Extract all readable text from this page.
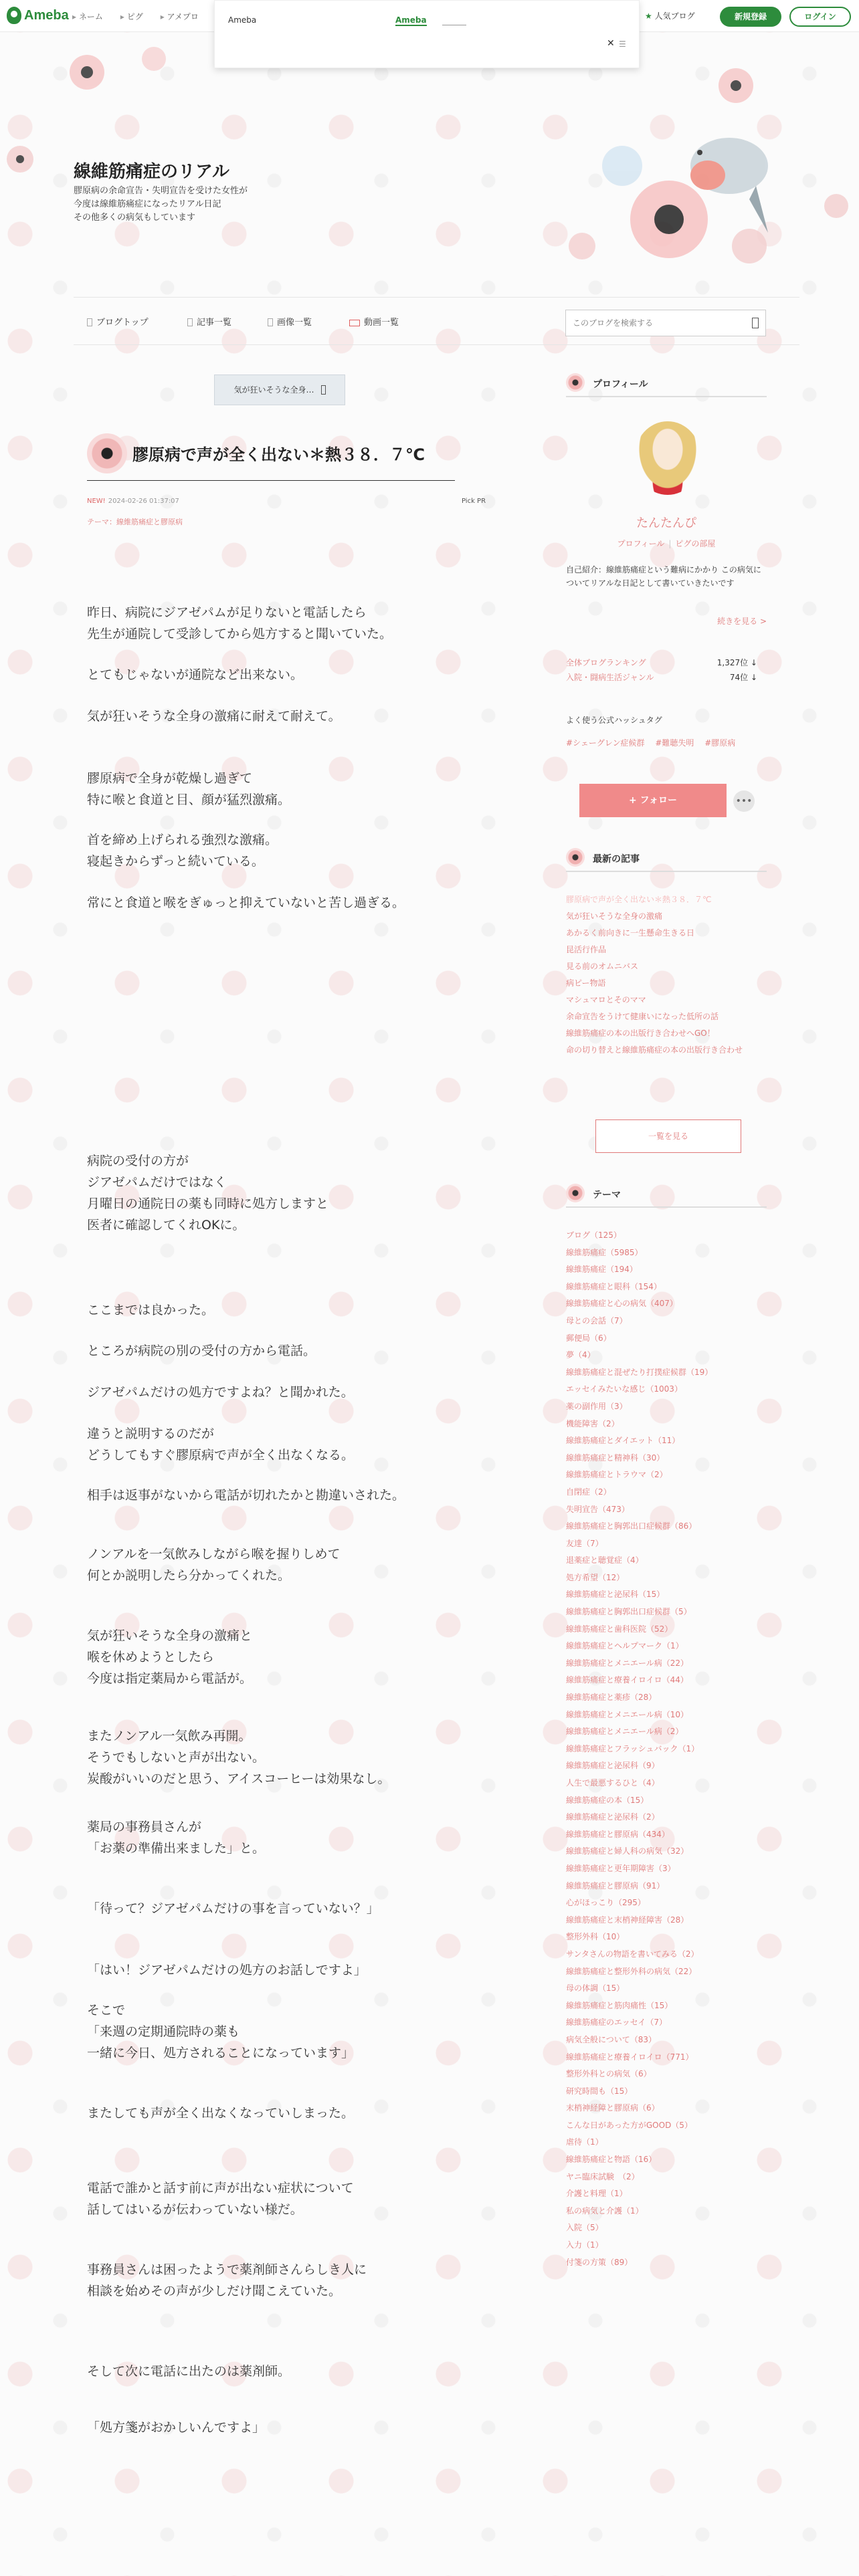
Ameba	▸ ネーム	▸ ピグ	▸ アメプロ	★ 人気ブログ	新規登録	ログイン
Ameba	Ameba
✕ ☰
線維筋痛症のリアル
膠原病の余命宣告・失明宣告を受けた女性が
今度は線維筋痛症になったリアル日記
その他多くの病気もしています
ブログトップ	記事一覧	画像一覧	動画一覧
このブログを検索する
気が狂いそうな全身…
膠原病で声が全く出ない＊熱３８．７℃
NEW! 2024-02-26 01:37:07	Pick PR
テーマ：線維筋痛症と膠原病
昨日、病院にジアゼパムが足りないと電話したら
先生が通院して受診してから処方すると聞いていた。
とてもじゃないが通院など出来ない。
気が狂いそうな全身の激痛に耐えて耐えて。
膠原病で全身が乾燥し過ぎて
特に喉と食道と目、顔が猛烈激痛。
首を締め上げられる強烈な激痛。
寝起きからずっと続いている。
常にと食道と喉をぎゅっと抑えていないと苦し過ぎる。
病院の受付の方が
ジアゼパムだけではなく
月曜日の通院日の薬も同時に処方しますと
医者に確認してくれOKに。
ここまでは良かった。
ところが病院の別の受付の方から電話。
ジアゼパムだけの処方ですよね？と聞かれた。
違うと説明するのだが
どうしてもすぐ膠原病で声が全く出なくなる。
相手は返事がないから電話が切れたかと勘違いされた。
ノンアルを一気飲みしながら喉を握りしめて
何とか説明したら分かってくれた。
気が狂いそうな全身の激痛と
喉を休めようとしたら
今度は指定薬局から電話が。
またノンアル一気飲み再開。
そうでもしないと声が出ない。
炭酸がいいのだと思う、アイスコーヒーは効果なし。
薬局の事務員さんが
「お薬の準備出来ました」と。
「待って？ジアゼパムだけの事を言っていない？」
「はい！ジアゼパムだけの処方のお話しですよ」
そこで
「来週の定期通院時の薬も
一緒に今日、処方されることになっています」
またしても声が全く出なくなっていしまった。
電話で誰かと話す前に声が出ない症状について
話してはいるが伝わっていない様だ。
事務員さんは困ったようで薬剤師さんらしき人に
相談を始めその声が少しだけ聞こえていた。
そして次に電話に出たのは薬剤師。
「処方箋がおかしいんですよ」
プロフィール
たんたんぴ
プロフィール | ピグの部屋
自己紹介：線維筋痛症という難病にかかり この病気についてリアルな日記として書いていきたいです
続きを見る >
全体ブログランキング	1,327位 ↓
入院・闘病生活ジャンル	74位 ↓
よく使う公式ハッシュタグ
#シェーグレン症候群 #難聴失明 #膠原病
+ フォロー	•••
最新の記事
膠原病で声が全く出ない＊熱３８．７℃
気が狂いそうな全身の激痛
あかるく前向きに一生懸命生きる日
昆活行作品
見る前のオムニバス
病ピー物語
マシュマロとそのママ
余命宣告をうけて健康いになった低所の話
線維筋痛症の本の出版行き合わせへGO！
命の切り替えと線維筋痛症の本の出版行き合わせ
一覧を見る
テーマ
ブログ（125）
線維筋痛症（5985）
線維筋痛症（194）
線維筋痛症と眼科（154）
線維筋痛症と心の病気（407）
母との会話（7）
郵便局（6）
夢（4）
線維筋痛症と混ぜたり打撲症候群（19）
エッセイみたいな感じ（1003）
薬の副作用（3）
機能障害（2）
線維筋痛症とダイエット（11）
線維筋痛症と精神科（30）
線維筋痛症とトラウマ（2）
自閉症（2）
失明宣告（473）
線維筋痛症と胸郭出口症候群（86）
友達（7）
退薬症と聴覚症（4）
処方希望（12）
線維筋痛症と泌尿科（15）
線維筋痛症と胸郭出口症候群（5）
線維筋痛症と歯科医院（52）
線維筋痛症とヘルプマーク（1）
線維筋痛症とメニエール病（22）
線維筋痛症と療養イロイロ（44）
線維筋痛症と薬疹（28）
線維筋痛症とメニエール病（10）
線維筋痛症とメニエール病（2）
線維筋痛症とフラッシュバック（1）
線維筋痛症と泌尿科（9）
人生で最悪するひと（4）
線維筋痛症の本（15）
線維筋痛症と泌尿科（2）
線維筋痛症と膠原病（434）
線維筋痛症と婦人科の病気（32）
線維筋痛症と更年期障害（3）
線維筋痛症と膠原病（91）
心がほっこり（295）
線維筋痛症と末梢神経障害（28）
整形外科（10）
サンタさんの物語を書いてみる（2）
線維筋痛症と整形外科の病気（22）
母の体調（15）
線維筋痛症と筋肉痛性（15）
線維筋痛症のエッセイ（7）
病気全般について（83）
線維筋痛症と療養イロイロ（771）
整形外科との病気（6）
研究時間も（15）
末梢神経障と膠原病（6）
こんな日があった方がGOOD（5）
虐待（1）
線維筋痛症と物語（16）
ヤニ臨床試験　（2）
介護と料理（1）
私の病気と介護（1）
入院（5）
入力（1）
付箋の方策（89）
